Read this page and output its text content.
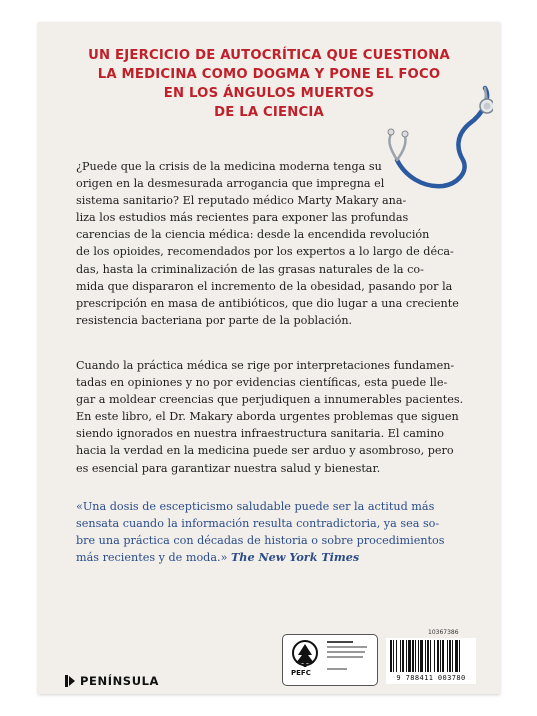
UN EJERCICIO DE AUTOCRÍTICA QUE CUESTIONA
LA MEDICINA COMO DOGMA Y PONE EL FOCO
EN LOS ÁNGULOS MUERTOS
DE LA CIENCIA
¿Puede que la crisis de la medicina moderna tenga su
origen en la desmesurada arrogancia que impregna el
sistema sanitario? El reputado médico Marty Makary ana-
liza los estudios más recientes para exponer las profundas
carencias de la ciencia médica: desde la encendida revolución
de los opioides, recomendados por los expertos a lo largo de déca-
das, hasta la criminalización de las grasas naturales de la co-
mida que dispararon el incremento de la obesidad, pasando por la
prescripción en masa de antibióticos, que dio lugar a una creciente
resistencia bacteriana por parte de la población.
Cuando la práctica médica se rige por interpretaciones fundamen-
tadas en opiniones y no por evidencias científicas, esta puede lle-
gar a moldear creencias que perjudiquen a innumerables pacientes.
En este libro, el Dr. Makary aborda urgentes problemas que siguen
siendo ignorados en nuestra infraestructura sanitaria. El camino
hacia la verdad en la medicina puede ser arduo y asombroso, pero
es esencial para garantizar nuestra salud y bienestar.
«Una dosis de escepticismo saludable puede ser la actitud más
sensata cuando la información resulta contradictoria, ya sea so-
bre una práctica con décadas de historia o sobre procedimientos
más recientes y de moda.» The New York Times
10367386
PEFC
9 788411 003780
PENÍNSULA
